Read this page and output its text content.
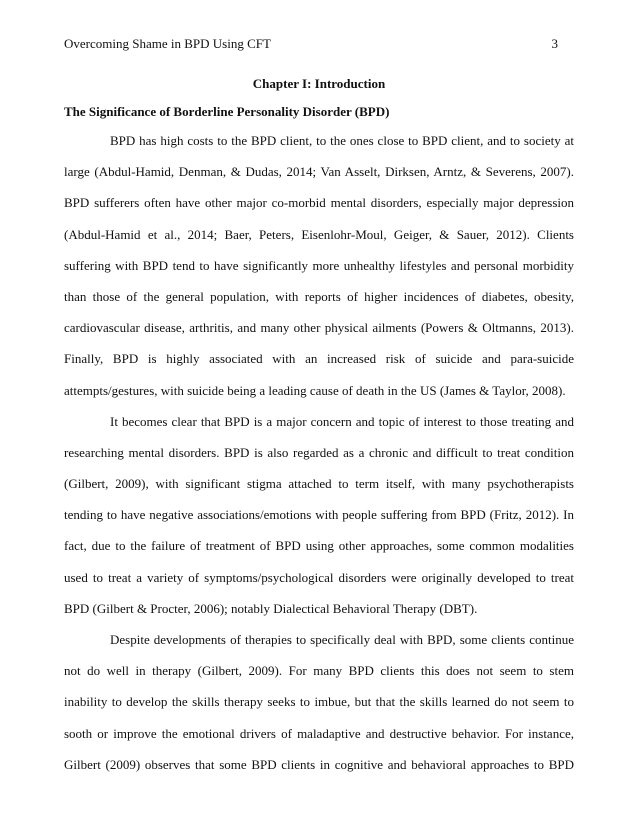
Overcoming Shame in BPD Using CFT	3
Chapter I: Introduction
The Significance of Borderline Personality Disorder (BPD)
BPD has high costs to the BPD client, to the ones close to BPD client, and to society at
large (Abdul-Hamid, Denman, & Dudas, 2014; Van Asselt, Dirksen, Arntz, & Severens, 2007).
BPD sufferers often have other major co-morbid mental disorders, especially major depression
(Abdul-Hamid et al., 2014; Baer, Peters, Eisenlohr-Moul, Geiger, & Sauer, 2012). Clients
suffering with BPD tend to have significantly more unhealthy lifestyles and personal morbidity
than those of the general population, with reports of higher incidences of diabetes, obesity,
cardiovascular disease, arthritis, and many other physical ailments (Powers & Oltmanns, 2013).
Finally, BPD is highly associated with an increased risk of suicide and para-suicide
attempts/gestures, with suicide being a leading cause of death in the US (James & Taylor, 2008).
It becomes clear that BPD is a major concern and topic of interest to those treating and
researching mental disorders. BPD is also regarded as a chronic and difficult to treat condition
(Gilbert, 2009), with significant stigma attached to term itself, with many psychotherapists
tending to have negative associations/emotions with people suffering from BPD (Fritz, 2012). In
fact, due to the failure of treatment of BPD using other approaches, some common modalities
used to treat a variety of symptoms/psychological disorders were originally developed to treat
BPD (Gilbert & Procter, 2006); notably Dialectical Behavioral Therapy (DBT).
Despite developments of therapies to specifically deal with BPD, some clients continue
not do well in therapy (Gilbert, 2009). For many BPD clients this does not seem to stem
inability to develop the skills therapy seeks to imbue, but that the skills learned do not seem to
sooth or improve the emotional drivers of maladaptive and destructive behavior. For instance,
Gilbert (2009) observes that some BPD clients in cognitive and behavioral approaches to BPD
